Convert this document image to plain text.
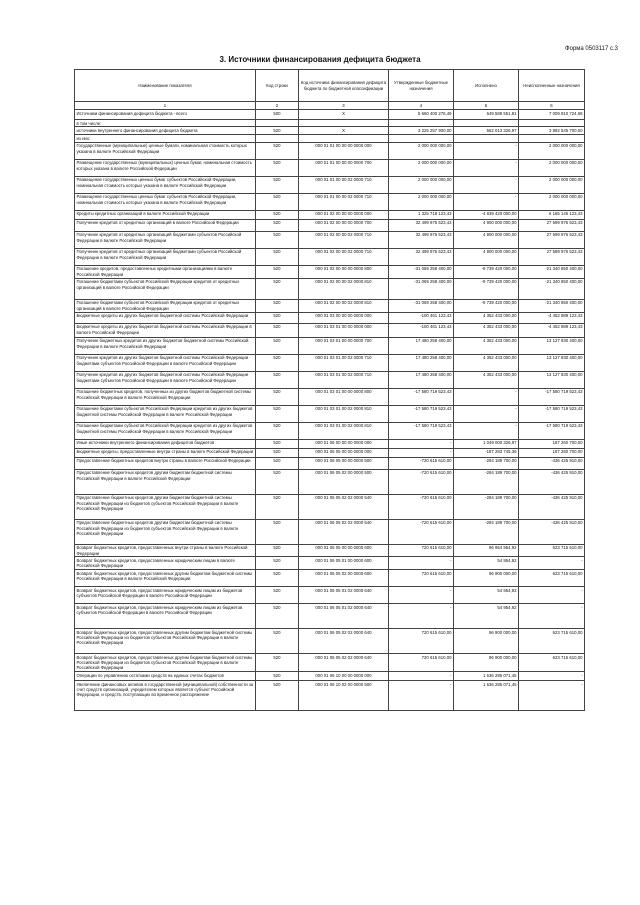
Форма 0503117 с.3
3. Источники финансирования дефицита бюджета
Наименование показателя	Код строки	Код источника финансирования дефицита бюджета по бюджетной классификации	Утвержденные бюджетные назначения	Исполнено	Неисполненные назначения
1	2	3	4	5	6
Источники финансирования дефицита бюджета - всего	500	X	5 660 400 276,49	649 589 551,81	7 009 810 724,68
в том числе:					
источники внутреннего финансирования дефицита бюджета	520	X	3 225 257 900,00	562 013 326,97	3 892 545 700,00
из них:					
Государственные (муниципальные) ценные бумаги, номинальная стоимость которых указана в валюте Российской Федерации	520	000 01 01 00 00 00 0000 000	2 000 000 000,00	-	2 000 000 000,00
Размещение государственных (муниципальных) ценных бумаг, номинальная стоимость которых указана в валюте Российской Федерации	520	000 01 01 00 00 00 0000 700	2 000 000 000,00	-	2 000 000 000,00
Размещение государственных ценных бумаг субъектов Российской Федерации, номинальная стоимость которых указана в валюте Российской Федерации	520	000 01 01 00 00 02 0000 710	2 000 000 000,00	-	2 000 000 000,00
Размещение государственных ценных бумаг субъектов Российской Федерации, номинальная стоимость которых указана в валюте Российской Федерации	520	000 01 01 00 00 02 0000 710	2 000 000 000,00	-	2 000 000 000,00
Кредиты кредитных организаций в валюте Российской Федерации	520	000 01 02 00 00 00 0000 000	1 325 718 123,43	-4 839 420 000,00	6 165 146 123,43
Получение кредитов от кредитных организаций в валюте Российской Федерации	520	000 01 02 00 00 00 0000 700	32 499 976 523,43	4 900 000 000,00	27 599 976 523,43
Получение кредитов от кредитных организаций бюджетами субъектов Российской Федерации в валюте Российской Федерации	520	000 01 02 00 00 02 0000 710	32 499 976 523,43	4 900 000 000,00	27 599 976 523,43
Получение кредитов от кредитных организаций бюджетами субъектов Российской Федерации в валюте Российской Федерации	520	000 01 02 00 00 02 0000 710	32 499 976 523,43	4 900 000 000,00	27 599 976 523,43
Погашение кредитов, предоставленных кредитными организациями в валюте Российской Федерации	520	000 01 02 00 00 00 0000 800	-31 069 258 400,00	-9 739 420 000,00	-21 340 850 400,00
Погашение бюджетами субъектов Российской Федерации кредитов от кредитных организаций в валюте Российской Федерации	520	000 01 02 00 00 02 0000 810	-31 069 258 400,00	-9 739 420 000,00	-21 340 850 400,00
Погашение бюджетами субъектов Российской Федерации кредитов от кредитных организаций в валюте Российской Федерации	520	000 01 02 00 00 02 0000 810	-31 069 258 400,00	-9 739 420 000,00	-21 340 850 400,00
Бюджетные кредиты из других бюджетов бюджетной системы Российской Федерации	520	000 01 03 00 00 00 0000 000	-100 461 123,43	4 352 433 000,00	-4 452 889 123,43
Бюджетные кредиты из других бюджетов бюджетной системы Российской Федерации в валюте Российской Федерации	520	000 01 03 01 00 00 0000 000	-100 461 123,43	4 352 433 000,00	-4 452 889 123,43
Получение бюджетных кредитов из других бюджетов бюджетной системы Российской Федерации в валюте Российской Федерации	520	000 01 03 01 00 00 0000 700	17 480 258 400,00	4 352 433 000,00	13 127 830 400,00
Получение кредитов из других бюджетов бюджетной системы Российской Федерации бюджетами субъектов Российской Федерации в валюте Российской Федерации	520	000 01 03 01 00 02 0000 710	17 480 258 400,00	4 352 433 000,00	13 127 830 400,00
Получение кредитов из других бюджетов бюджетной системы Российской Федерации бюджетами субъектов Российской Федерации в валюте Российской Федерации	520	000 01 03 01 00 02 0000 710	17 480 258 400,00	4 352 433 000,00	13 127 830 400,00
Погашение бюджетных кредитов, полученных из других бюджетов бюджетной системы Российской Федерации в валюте Российской Федерации	520	000 01 03 01 00 00 0000 800	-17 580 719 523,43	-	-17 580 719 523,43
Погашение бюджетами субъектов Российской Федерации кредитов из других бюджетов бюджетной системы Российской Федерации в валюте Российской Федерации	520	000 01 03 01 00 02 0000 810	-17 580 719 523,43	-	-17 580 719 523,43
Погашение бюджетами субъектов Российской Федерации кредитов из других бюджетов бюджетной системы Российской Федерации в валюте Российской Федерации	520	000 01 03 01 00 02 0000 810	-17 580 719 523,43	-	-17 580 719 523,43
Иные источники внутреннего финансирования дефицитов бюджетов	520	000 01 06 00 00 00 0000 000	-	1 049 000 326,97	187 260 700,00
Бюджетные кредиты, предоставленные внутри страны в валюте Российской Федерации	520	000 01 06 05 00 00 0000 000	-	-187 283 745,36	187 260 700,00
Предоставление бюджетных кредитов внутри страны в валюте Российской Федерации	520	000 01 06 05 00 00 0000 500	-720 615 610,00	-284 189 700,00	-436 425 910,00
Предоставление бюджетных кредитов другим бюджетам бюджетной системы Российской Федерации в валюте Российской Федерации	520	000 01 06 05 02 00 0000 500	-720 615 610,00	-284 189 700,00	-436 425 910,00
Предоставление бюджетных кредитов другим бюджетам бюджетной системы Российской Федерации из бюджетов субъектов Российской Федерации в валюте Российской Федерации	520	000 01 06 05 02 02 0000 540	-720 615 610,00	-284 189 700,00	-436 425 910,00
Предоставление бюджетных кредитов другим бюджетам бюджетной системы Российской Федерации из бюджетов субъектов Российской Федерации в валюте Российской Федерации	520	000 01 06 05 02 02 0000 540	-720 615 610,00	-284 189 700,00	-436 425 910,00
Возврат бюджетных кредитов, предоставленных внутри страны в валюте Российской Федерации	520	000 01 06 05 00 00 0000 600	720 615 610,00	96 954 954,92	623 715 610,00
Возврат бюджетных кредитов, предоставленных юридическим лицам в валюте Российской Федерации	520	000 01 06 05 01 00 0000 600	-	54 954,92	-
Возврат бюджетных кредитов, предоставленных другим бюджетам бюджетной системы Российской Федерации в валюте Российской Федерации	520	000 01 06 05 02 00 0000 600	720 615 610,00	96 900 000,00	623 715 610,00
Возврат бюджетных кредитов, предоставленных юридическим лицам из бюджетов субъектов Российской Федерации в валюте Российской Федерации	520	000 01 06 05 01 02 0000 640	-	54 954,92	-
Возврат бюджетных кредитов, предоставленных юридическим лицам из бюджетов субъектов Российской Федерации в валюте Российской Федерации	520	000 01 06 05 01 02 0000 640	-	54 954,92	-
Возврат бюджетных кредитов, предоставленных другим бюджетам бюджетной системы Российской Федерации из бюджетов субъектов Российской Федерации в валюте Российской Федерации	520	000 01 06 05 02 02 0000 640	720 615 610,00	96 900 000,00	623 715 610,00
Возврат бюджетных кредитов, предоставленных другим бюджетам бюджетной системы Российской Федерации из бюджетов субъектов Российской Федерации в валюте Российской Федерации	520	000 01 06 05 02 02 0000 640	720 615 610,00	96 900 000,00	623 715 610,00
Операции по управлению остатками средств на единых счетах бюджетов	520	000 01 06 10 00 00 0000 000	-	1 636 285 071,45	-
Увеличение финансовых активов в государственной (муниципальной) собственности за счет средств организаций, учредителем которых является субъект Российской Федерации, и средств, поступающих во временное распоряжение	520	000 01 06 10 02 00 0000 500	-	1 636 285 071,45	-
